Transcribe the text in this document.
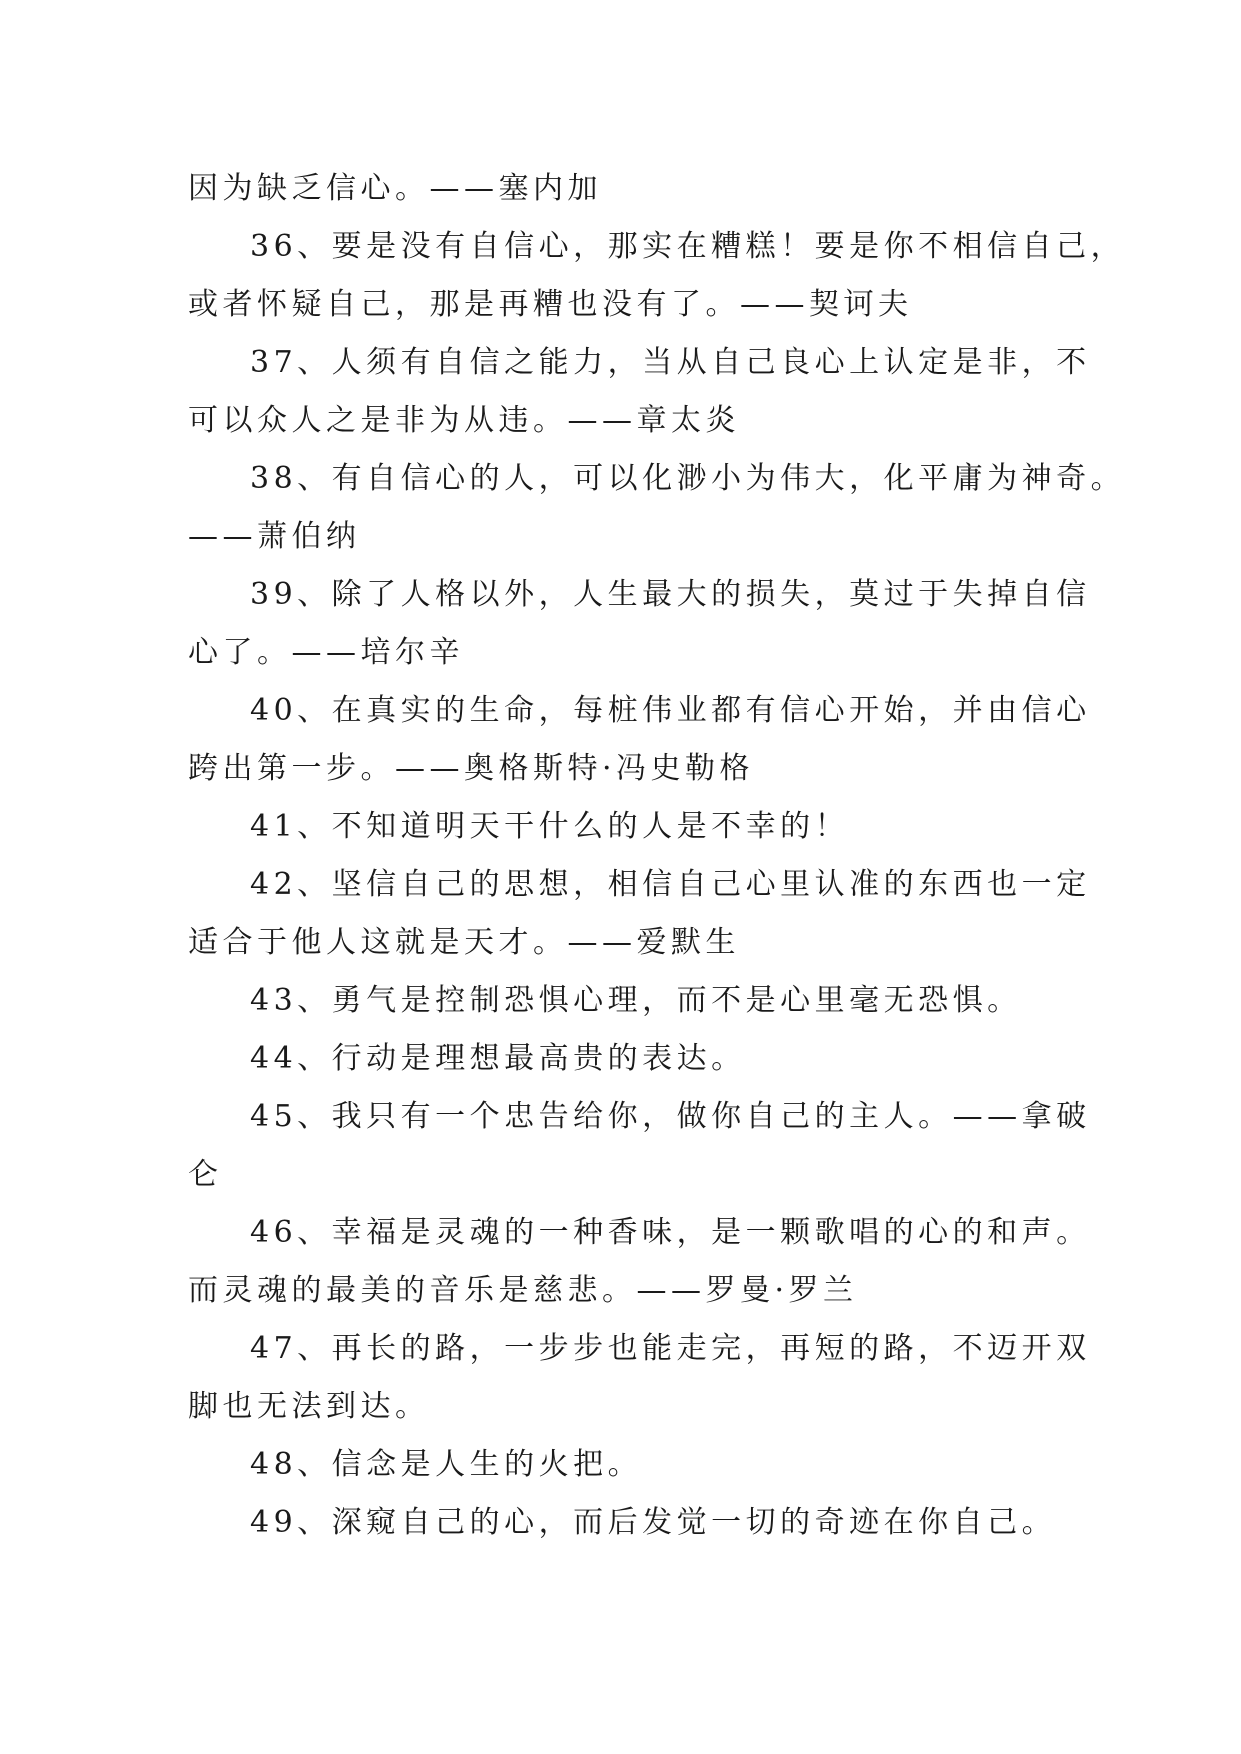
因为缺乏信心。——塞内加
36、要是没有自信心，那实在糟糕！要是你不相信自己，
或者怀疑自己，那是再糟也没有了。——契诃夫
37、人须有自信之能力，当从自己良心上认定是非，不
可以众人之是非为从违。——章太炎
38、有自信心的人，可以化渺小为伟大，化平庸为神奇。
——萧伯纳
39、除了人格以外，人生最大的损失，莫过于失掉自信
心了。——培尔辛
40、在真实的生命，每桩伟业都有信心开始，并由信心
跨出第一步。——奥格斯特·冯史勒格
41、不知道明天干什么的人是不幸的！
42、坚信自己的思想，相信自己心里认准的东西也一定
适合于他人这就是天才。——爱默生
43、勇气是控制恐惧心理，而不是心里毫无恐惧。
44、行动是理想最高贵的表达。
45、我只有一个忠告给你，做你自己的主人。——拿破
仑
46、幸福是灵魂的一种香味，是一颗歌唱的心的和声。
而灵魂的最美的音乐是慈悲。——罗曼·罗兰
47、再长的路，一步步也能走完，再短的路，不迈开双
脚也无法到达。
48、信念是人生的火把。
49、深窥自己的心，而后发觉一切的奇迹在你自己。
